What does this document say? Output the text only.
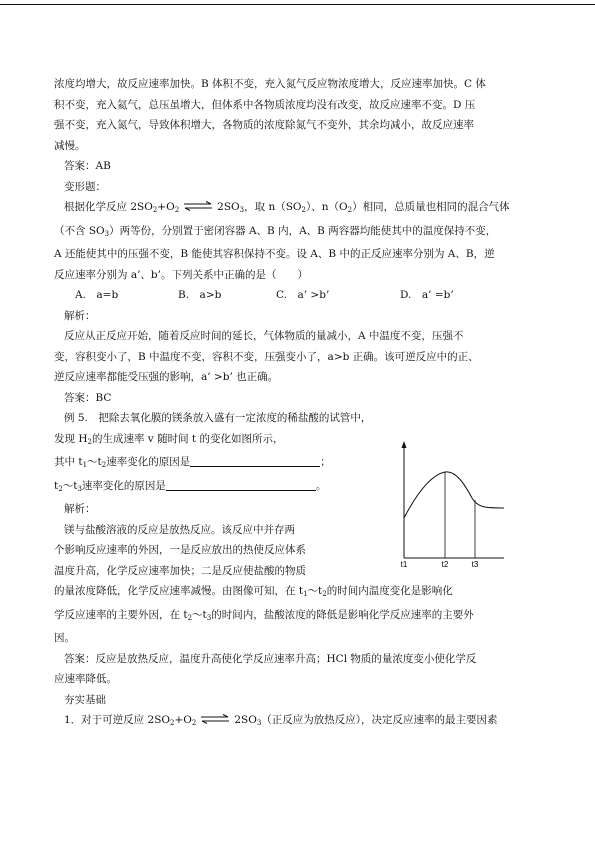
浓度均增大，故反应速率加快。B 体积不变，充入氮气反应物浓度增大，反应速率加快。C 体

积不变，充入氦气，总压虽增大，但体系中各物质浓度均没有改变，故反应速率不变。D 压

强不变，充入氮气，导致体积增大，各物质的浓度除氮气不变外，其余均减小，故反应速率

减慢。

答案：AB

变形题：

根据化学反应 $2SO_2+O_2$ ⇌ $2SO_3$，取 $n(SO_2)$、$n(O_2)$相同，总质量也相同的混合气体

（不含 $SO_3$）两等份，分别置于密闭容器 A、B 内，A、B 两容器均能使其中的温度保持不变，

A 还能使其中的压强不变，B 能使其容积保持不变。设 A、B 中的正反应速率分别为 A、B，逆

反应速率分别为 a’、b’。下列关系中正确的是（　　）

A.　a=b	B.　a>b	C.　a’ >b’	D.　a’ =b’

解析：

反应从正反应开始，随着反应时间的延长，气体物质的量减小，A 中温度不变，压强不

变，容积变小了，B 中温度不变，容积不变，压强变小了，a>b 正确。该可逆反应中的正、

逆反应速率都能受压强的影响，a’ >b’ 也正确。

答案：BC

例 5.　把除去氧化膜的镁条放入盛有一定浓度的稀盐酸的试管中，

发现 $H_2$的生成速率 v 随时间 t 的变化如图所示，

其中 $t_1\sim t_2$速率变化的原因是	；

$t_2\sim t_3$速率变化的原因是	。

解析：

镁与盐酸溶液的反应是放热反应。该反应中并存两

个影响反应速率的外因，一是反应放出的热使反应体系

温度升高，化学反应速率加快；二是反应使盐酸的物质

的量浓度降低，化学反应速率减慢。由图像可知，在 $t_1\sim t_2$的时间内温度变化是影响化

学反应速率的主要外因，在 $t_2\sim t_3$的时间内，盐酸浓度的降低是影响化学反应速率的主要外

因。

答案：反应是放热反应，温度升高使化学反应速率升高；HCl 物质的量浓度变小使化学反

应速率降低。

夯实基础

1．对于可逆反应 $2SO_2+O_2$ ⇌ $2SO_3$（正反应为放热反应），决定反应速率的最主要因素

t1	t2	t3
